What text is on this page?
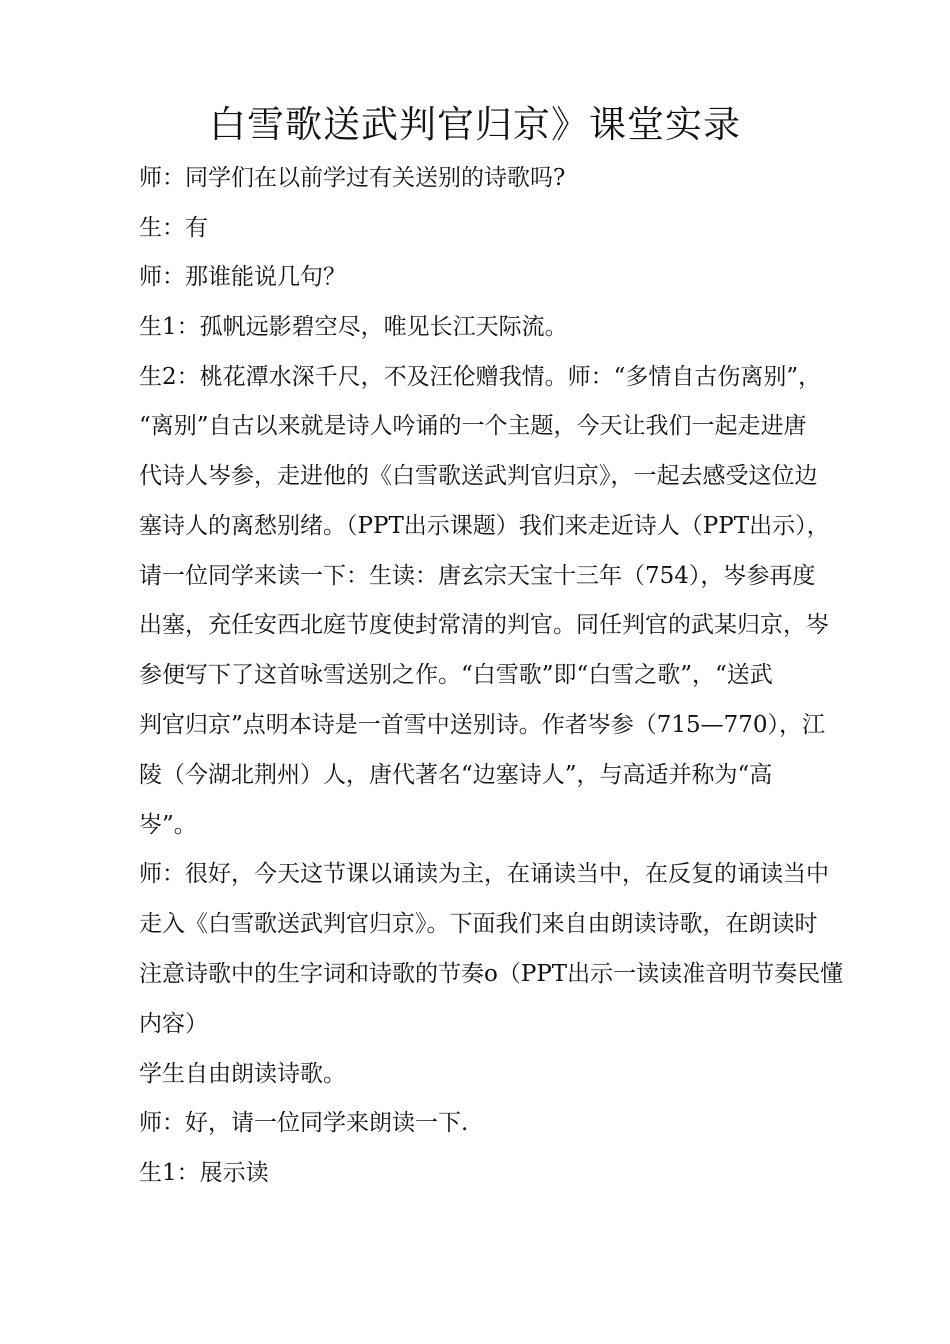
白雪歌送武判官归京》课堂实录
师：同学们在以前学过有关送别的诗歌吗?
生：有
师：那谁能说几句？
生1：孤帆远影碧空尽，唯见长江天际流。
生2：桃花潭水深千尺，不及汪伦赠我情。师：“多情自古伤离别”，
“离别”自古以来就是诗人吟诵的一个主题，今天让我们一起走进唐
代诗人岑参，走进他的《白雪歌送武判官归京》，一起去感受这位边
塞诗人的离愁别绪。（PPT出示课题）我们来走近诗人（PPT出示），
请一位同学来读一下：生读：唐玄宗天宝十三年（754），岑参再度
出塞，充任安西北庭节度使封常清的判官。同任判官的武某归京，岑
参便写下了这首咏雪送别之作。“白雪歌”即“白雪之歌”，“送武
判官归京”点明本诗是一首雪中送别诗。作者岑参（715—770），江
陵（今湖北荆州）人，唐代著名“边塞诗人”，与高适并称为“高
岑”。
师：很好，今天这节课以诵读为主，在诵读当中，在反复的诵读当中
走入《白雪歌送武判官归京》。下面我们来自由朗读诗歌，在朗读时
注意诗歌中的生字词和诗歌的节奏o（PPT出示一读读准音明节奏民懂
内容）
学生自由朗读诗歌。
师：好，请一位同学来朗读一下.
生1：展示读
